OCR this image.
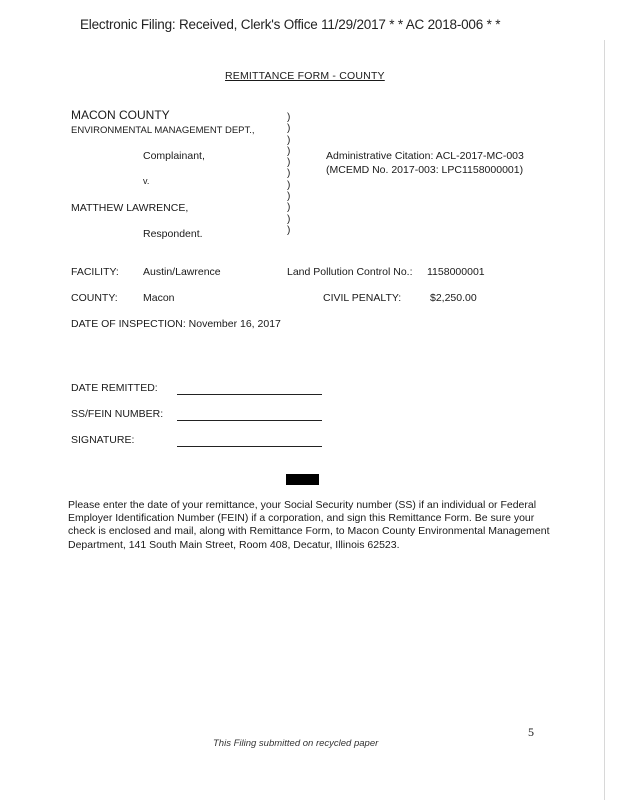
Electronic Filing: Received, Clerk's Office 11/29/2017 * * AC 2018-006 * *
REMITTANCE FORM - COUNTY
MACON COUNTY
ENVIRONMENTAL MANAGEMENT DEPT.,
Complainant,
v.
MATTHEW LAWRENCE,
Respondent.
)
)
)
)
)
)
)
)
)
)
)
Administrative Citation: ACL-2017-MC-003
(MCEMD No. 2017-003: LPC1158000001)
FACILITY: Austin/Lawrence	Land Pollution Control No.: 1158000001
COUNTY: Macon	CIVIL PENALTY:	$2,250.00
DATE OF INSPECTION: November 16, 2017
DATE REMITTED:
SS/FEIN NUMBER:
SIGNATURE:
Please enter the date of your remittance, your Social Security number (SS) if an individual or Federal Employer Identification Number (FEIN) if a corporation, and sign this Remittance Form. Be sure your check is enclosed and mail, along with Remittance Form, to Macon County Environmental Management Department, 141 South Main Street, Room 408, Decatur, Illinois 62523.
5
This Filing submitted on recycled paper
